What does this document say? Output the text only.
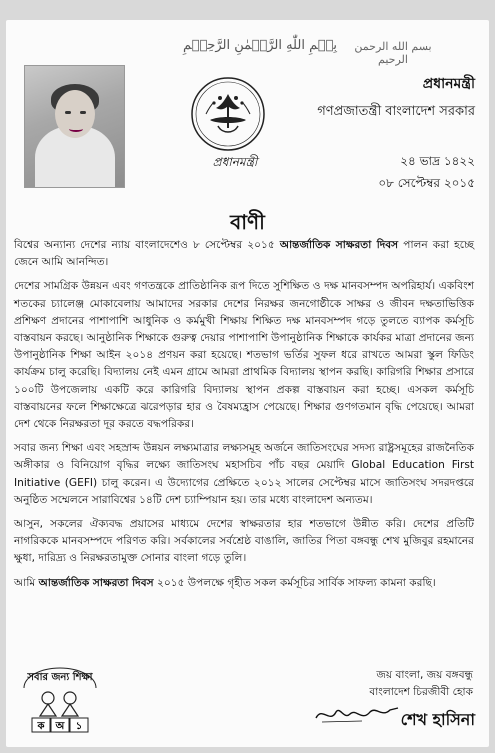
بِسۡمِ اللّٰهِ الرَّحۡمٰنِ الرَّحِيۡمِ	بسم الله الرحمن الرحيم
প্রধানমন্ত্রী
প্রধানমন্ত্রী
গণপ্রজাতন্ত্রী বাংলাদেশ সরকার
২৪ ভাদ্র ১৪২২
০৮ সেপ্টেম্বর ২০১৫
বাণী

বিশ্বের অন্যান্য দেশের ন্যায় বাংলাদেশেও ৮ সেপ্টেম্বর ২০১৫ আন্তর্জাতিক সাক্ষরতা দিবস পালন করা হচ্ছে জেনে আমি আনন্দিত।

দেশের সামগ্রিক উন্নয়ন এবং গণতন্ত্রকে প্রাতিষ্ঠানিক রূপ দিতে সুশিক্ষিত ও দক্ষ মানবসম্পদ অপরিহার্য। একবিংশ শতকের চ্যালেঞ্জ মোকাবেলায় আমাদের সরকার দেশের নিরক্ষর জনগোষ্ঠীকে সাক্ষর ও জীবন দক্ষতাভিত্তিক প্রশিক্ষণ প্রদানের পাশাপাশি আধুনিক ও কর্মমুখী শিক্ষায় শিক্ষিত দক্ষ মানবসম্পদ গড়ে তুলতে ব্যাপক কর্মসূচি বাস্তবায়ন করছে। আনুষ্ঠানিক শিক্ষাকে গুরুত্ব দেয়ার পাশাপাশি উপানুষ্ঠানিক শিক্ষাকে কার্যকর মাত্রা প্রদানের জন্য উপানুষ্ঠানিক শিক্ষা আইন ২০১৪ প্রণয়ন করা হয়েছে। শতভাগ ভর্তির সুফল ধরে রাখতে আমরা স্কুল ফিডিং কার্যক্রম চালু করেছি। বিদ্যালয় নেই এমন গ্রামে আমরা প্রাথমিক বিদ্যালয় স্থাপন করছি। কারিগরি শিক্ষার প্রসারে ১০০টি উপজেলায় একটি করে কারিগরি বিদ্যালয় স্থাপন প্রকল্প বাস্তবায়ন করা হচ্ছে। এসকল কর্মসূচি বাস্তবায়নের ফলে শিক্ষাক্ষেত্রে ঝরেপড়ার হার ও বৈষম্যহ্রাস পেয়েছে। শিক্ষার গুণগতমান বৃদ্ধি পেয়েছে। আমরা দেশ থেকে নিরক্ষরতা দূর করতে বদ্ধপরিকর।

সবার জন্য শিক্ষা এবং সহস্রাব্দ উন্নয়ন লক্ষ্যমাত্রার লক্ষ্যসমূহ অর্জনে জাতিসংঘের সদস্য রাষ্ট্রসমূহের রাজনৈতিক অঙ্গীকার ও বিনিয়োগ বৃদ্ধির লক্ষ্যে জাতিসংঘ মহাসচিব পাঁচ বছর মেয়াদি Global Education First Initiative (GEFI) চালু করেন। এ উদ্যোগের প্রেক্ষিতে ২০১২ সালের সেপ্টেম্বর মাসে জাতিসংঘ সদরদপ্তরে অনুষ্ঠিত সম্মেলনে সারাবিশ্বের ১৪টি দেশ চ্যাম্পিয়ান হয়। তার মধ্যে বাংলাদেশ অন্যতম।

আসুন, সকলের ঐক্যবদ্ধ প্রয়াসের মাধ্যমে দেশের স্বাক্ষরতার হার শতভাগে উন্নীত করি। দেশের প্রতিটি নাগরিককে মানবসম্পদে পরিণত করি। সর্বকালের সর্বশ্রেষ্ঠ বাঙালি, জাতির পিতা বঙ্গবন্ধু শেখ মুজিবুর রহমানের ক্ষুধা, দারিদ্র্য ও নিরক্ষরতামুক্ত সোনার বাংলা গড়ে তুলি।

আমি আন্তর্জাতিক সাক্ষরতা দিবস ২০১৫ উপলক্ষে গৃহীত সকল কর্মসূচির সার্বিক সাফল্য কামনা করছি।

সবার জন্য শিক্ষা
ক অ ১
জয় বাংলা, জয় বঙ্গবন্ধু
বাংলাদেশ চিরজীবী হোক
শেখ হাসিনা
